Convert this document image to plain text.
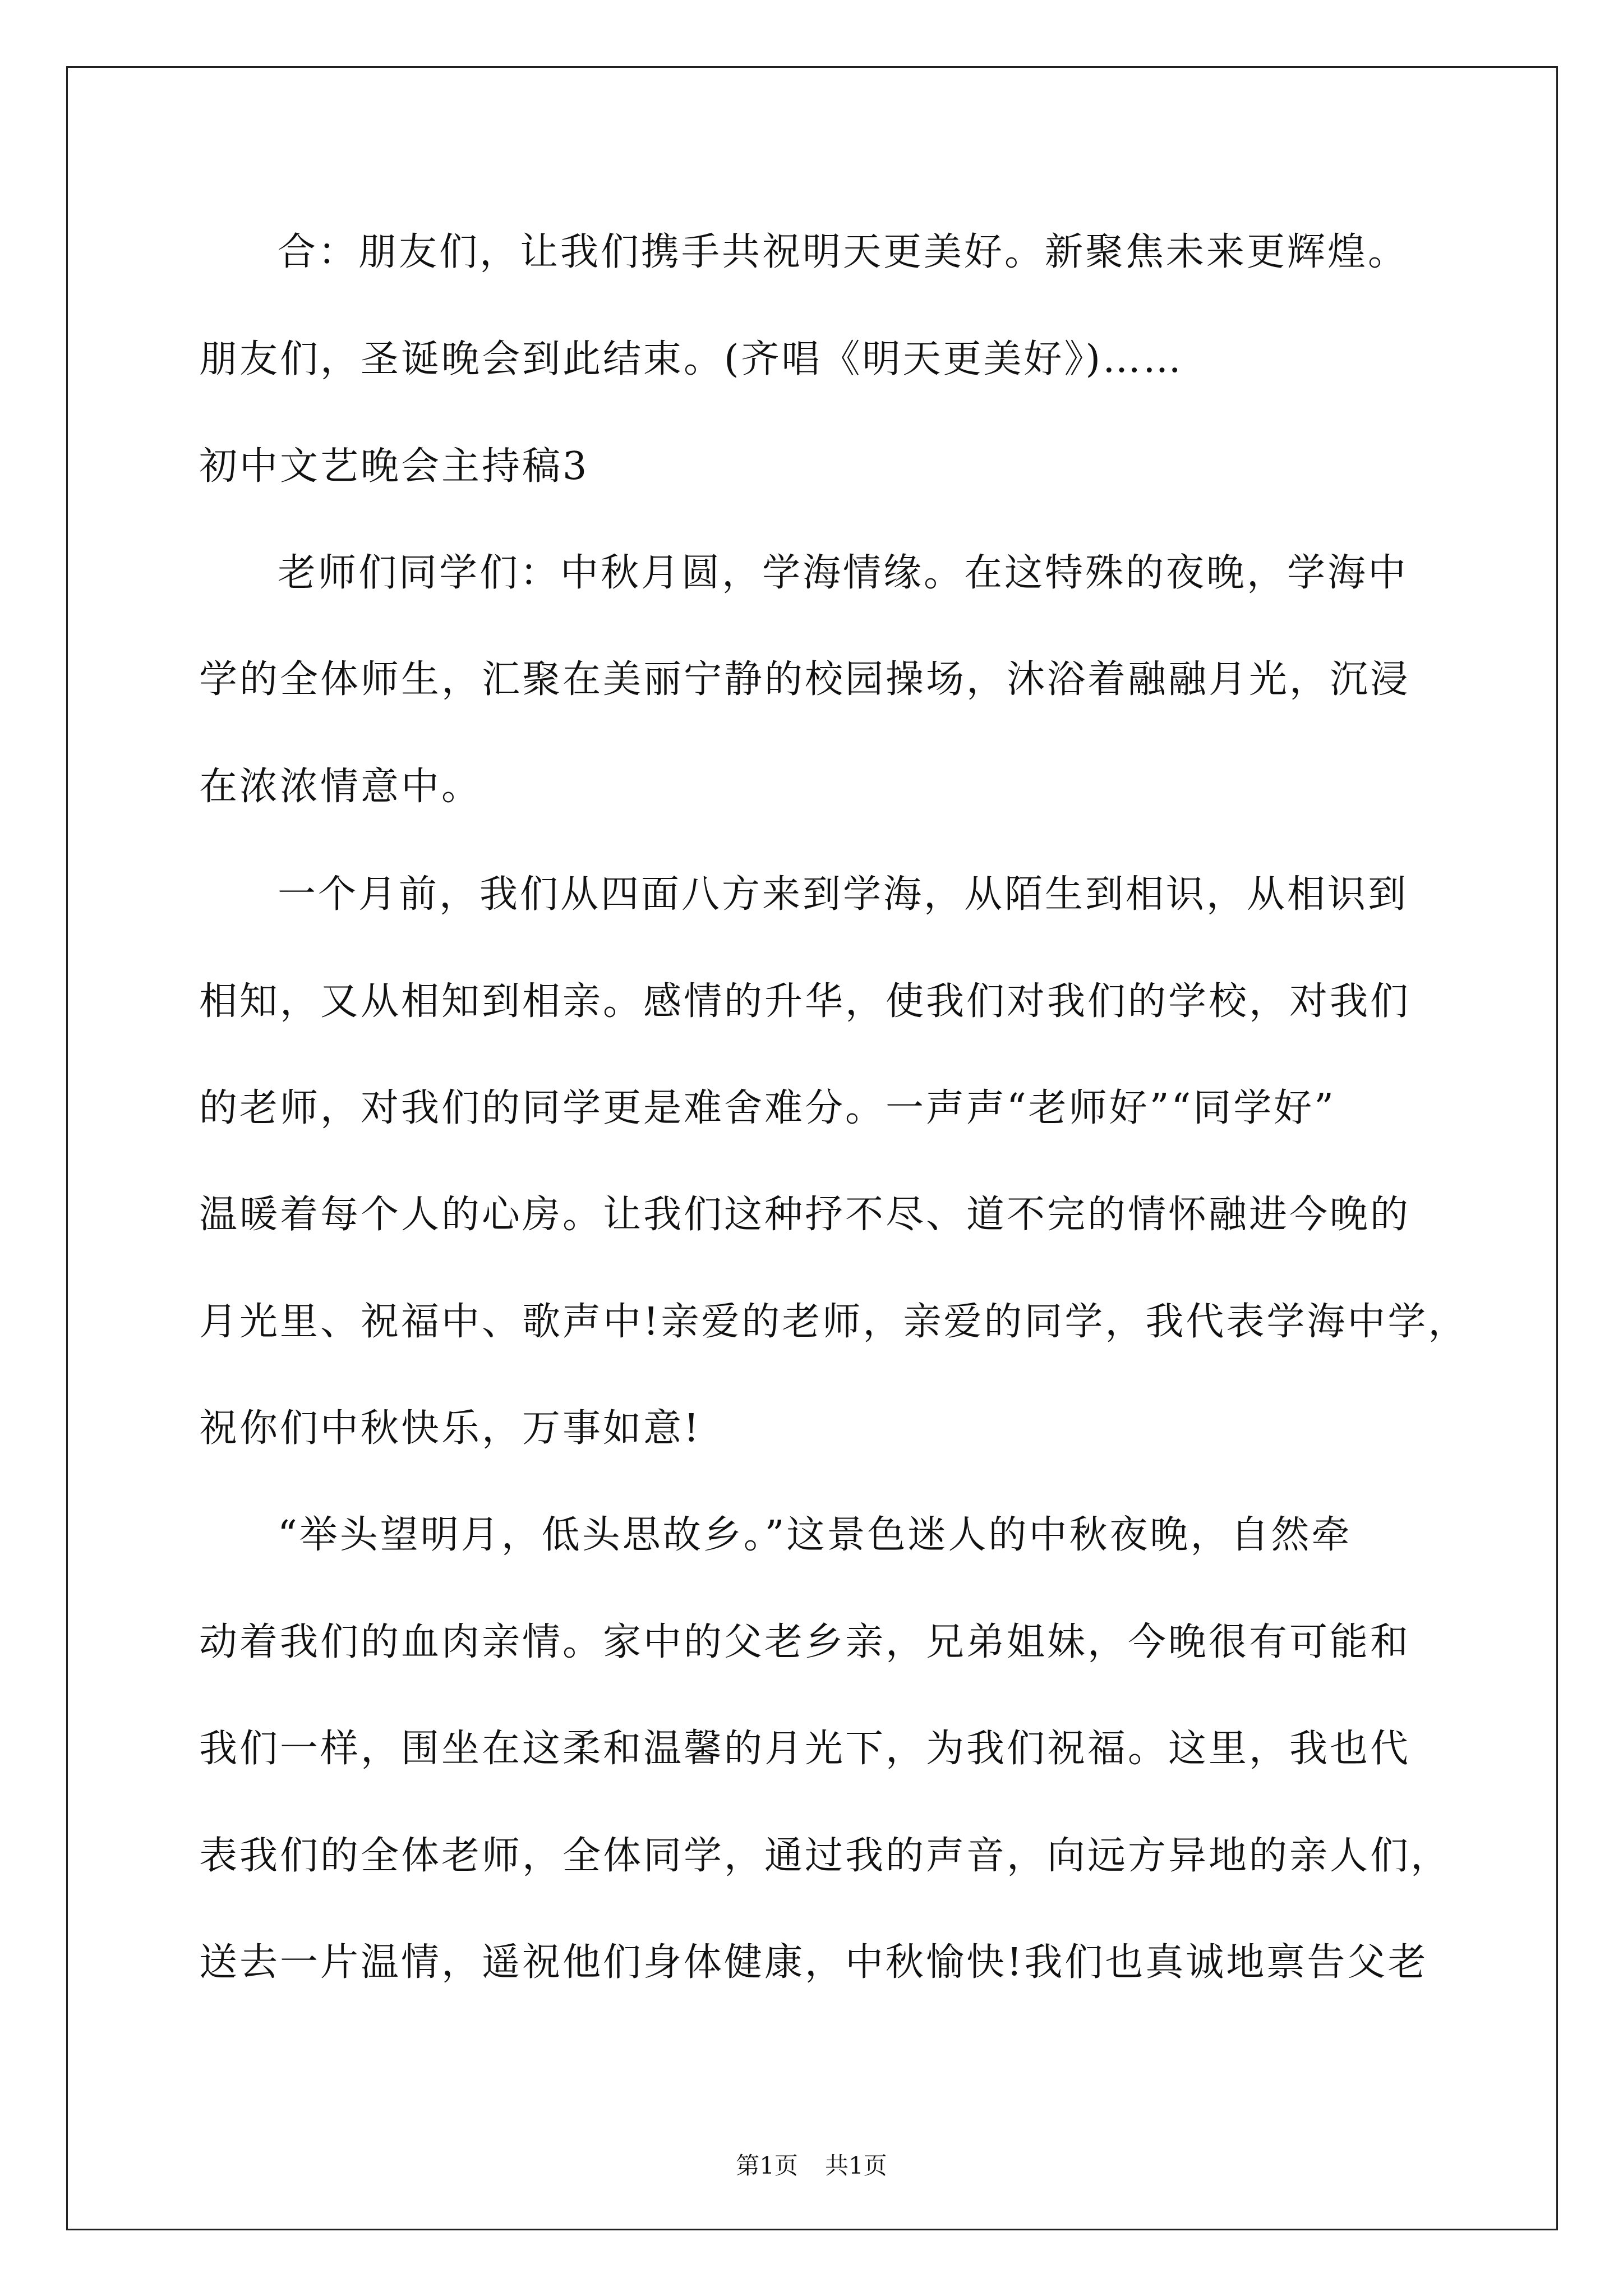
合：朋友们，让我们携手共祝明天更美好。新聚焦未来更辉煌。
朋友们，圣诞晚会到此结束。(齐唱《明天更美好》)……
初中文艺晚会主持稿3
老师们同学们：中秋月圆，学海情缘。在这特殊的夜晚，学海中
学的全体师生，汇聚在美丽宁静的校园操场，沐浴着融融月光，沉浸
在浓浓情意中。
一个月前，我们从四面八方来到学海，从陌生到相识，从相识到
相知，又从相知到相亲。感情的升华，使我们对我们的学校，对我们
的老师，对我们的同学更是难舍难分。一声声“老师好”“同学好”
温暖着每个人的心房。让我们这种抒不尽、道不完的情怀融进今晚的
月光里、祝福中、歌声中!亲爱的老师，亲爱的同学，我代表学海中学，
祝你们中秋快乐，万事如意!
“举头望明月，低头思故乡。”这景色迷人的中秋夜晚，自然牵
动着我们的血肉亲情。家中的父老乡亲，兄弟姐妹，今晚很有可能和
我们一样，围坐在这柔和温馨的月光下，为我们祝福。这里，我也代
表我们的全体老师，全体同学，通过我的声音，向远方异地的亲人们，
送去一片温情，遥祝他们身体健康，中秋愉快!我们也真诚地禀告父老
第1页 共1页
